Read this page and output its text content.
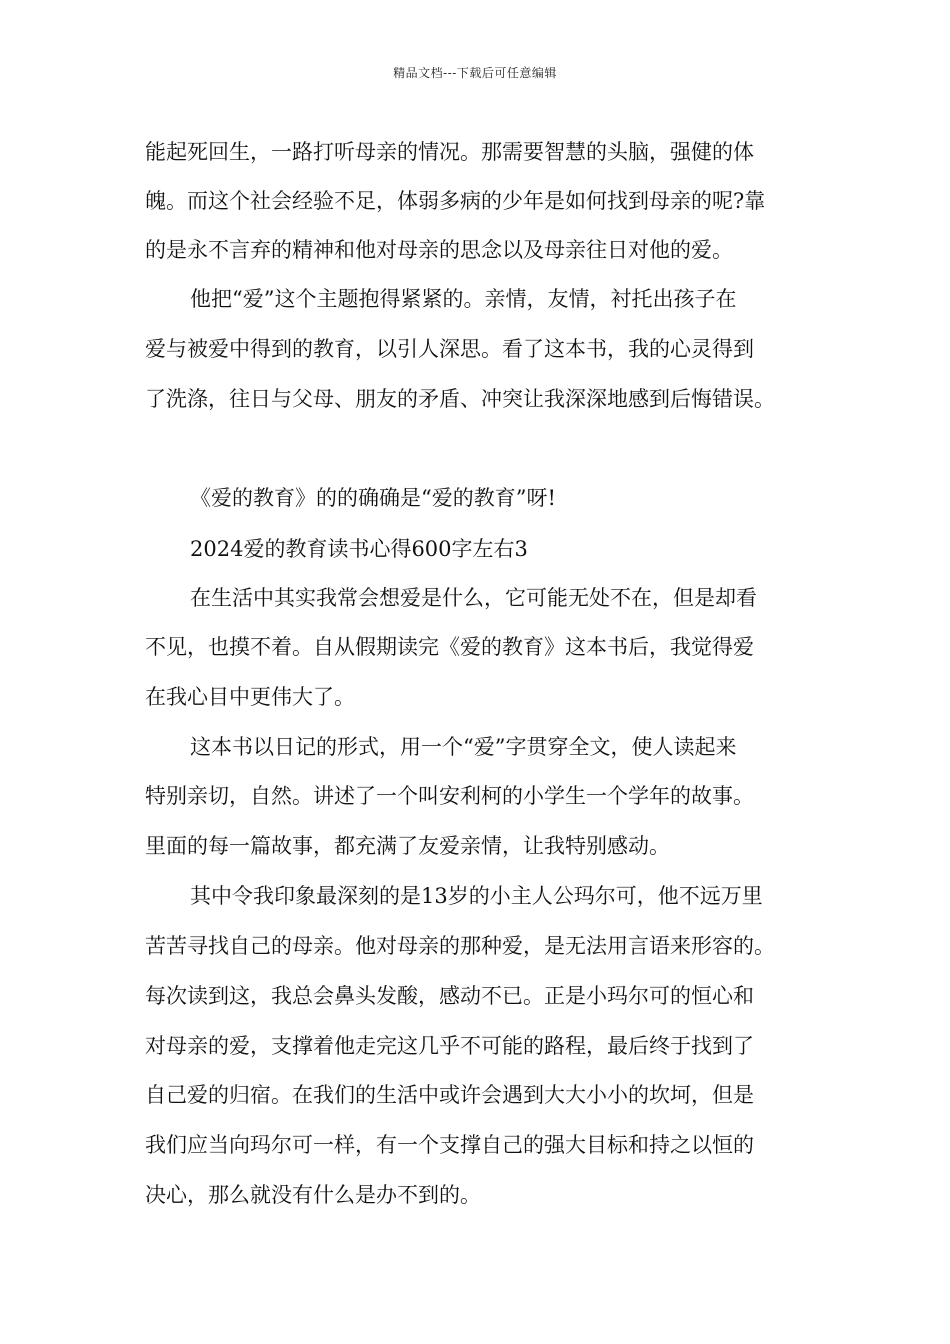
精品文档---下载后可任意编辑
能起死回生，一路打听母亲的情况。那需要智慧的头脑，强健的体
魄。而这个社会经验不足，体弱多病的少年是如何找到母亲的呢?靠
的是永不言弃的精神和他对母亲的思念以及母亲往日对他的爱。
他把“爱”这个主题抱得紧紧的。亲情，友情，衬托出孩子在
爱与被爱中得到的教育，以引人深思。看了这本书，我的心灵得到
了洗涤，往日与父母、朋友的矛盾、冲突让我深深地感到后悔错误。
《爱的教育》的的确确是“爱的教育”呀!
2024爱的教育读书心得600字左右3
在生活中其实我常会想爱是什么，它可能无处不在，但是却看
不见，也摸不着。自从假期读完《爱的教育》这本书后，我觉得爱
在我心目中更伟大了。
这本书以日记的形式，用一个“爱”字贯穿全文，使人读起来
特别亲切，自然。讲述了一个叫安利柯的小学生一个学年的故事。
里面的每一篇故事，都充满了友爱亲情，让我特别感动。
其中令我印象最深刻的是13岁的小主人公玛尔可，他不远万里
苦苦寻找自己的母亲。他对母亲的那种爱，是无法用言语来形容的。
每次读到这，我总会鼻头发酸，感动不已。正是小玛尔可的恒心和
对母亲的爱，支撑着他走完这几乎不可能的路程，最后终于找到了
自己爱的归宿。在我们的生活中或许会遇到大大小小的坎坷，但是
我们应当向玛尔可一样，有一个支撑自己的强大目标和持之以恒的
决心，那么就没有什么是办不到的。
